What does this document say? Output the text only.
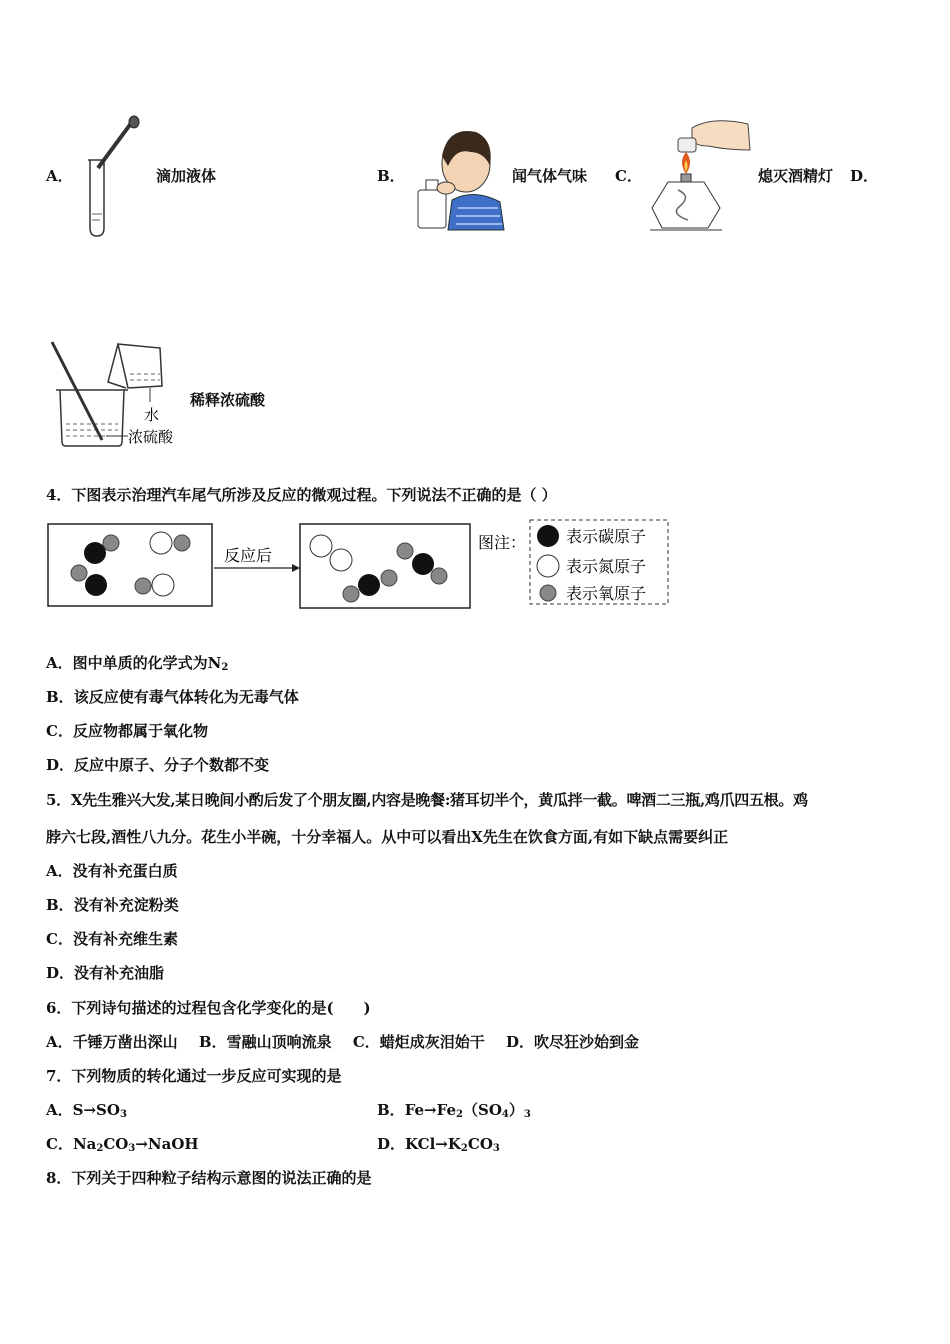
A．	滴加液体	B．	闻气体气味 C．	熄灭酒精灯 D．
水
浓硫酸
稀释浓硫酸
4．下图表示治理汽车尾气所涉及反应的微观过程。下列说法不正确的是（ ）
反应后
图注： 表示碳原子
表示氮原子
表示氧原子
A．图中单质的化学式为$N_2$
B．该反应使有毒气体转化为无毒气体
C．反应物都属于氧化物
D．反应中原子、分子个数都不变
5．X先生雅兴大发,某日晚间小酌后发了个朋友圈,内容是晚餐:猪耳切半个，黄瓜拌一截。啤酒二三瓶,鸡爪四五根。鸡
脖六七段,酒性八九分。花生小半碗，十分幸福人。从中可以看出X先生在饮食方面,有如下缺点需要纠正
A．没有补充蛋白质
B．没有补充淀粉类
C．没有补充维生素
D．没有补充油脂
6．下列诗句描述的过程包含化学变化的是(　　)
A．千锤万凿出深山 B．雪融山顶响流泉 C．蜡炬成灰泪始干 D．吹尽狂沙始到金
7．下列物质的转化通过一步反应可实现的是
A．$S\to SO_3$	B．$Fe\to Fe_2(SO_4)_3$
C．$Na_2CO_3\to NaOH$	D．$KCl\to K_2CO_3$
8．下列关于四种粒子结构示意图的说法正确的是
